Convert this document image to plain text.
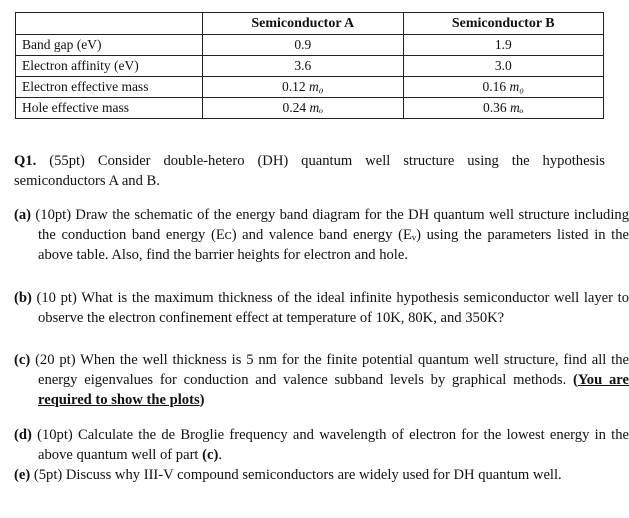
	Semiconductor A	Semiconductor B
Band gap (eV)	0.9	1.9
Electron affinity (eV)	3.6	3.0
Electron effective mass	0.12 m₀	0.16 m₀
Hole effective mass	0.24 mₒ	0.36 mₒ
Q1. (55pt) Consider double-hetero (DH) quantum well structure using the hypothesis semiconductors A and B.
(a) (10pt) Draw the schematic of the energy band diagram for the DH quantum well structure including the conduction band energy (Eᴄ) and valence band energy (Eᵥ) using the parameters listed in the above table. Also, find the barrier heights for electron and hole.
(b) (10 pt) What is the maximum thickness of the ideal infinite hypothesis semiconductor well layer to observe the electron confinement effect at temperature of 10K, 80K, and 350K?
(c) (20 pt) When the well thickness is 5 nm for the finite potential quantum well structure, find all the energy eigenvalues for conduction and valence subband levels by graphical methods. (You are required to show the plots)
(d) (10pt) Calculate the de Broglie frequency and wavelength of electron for the lowest energy in the above quantum well of part (c).
(e) (5pt) Discuss why III-V compound semiconductors are widely used for DH quantum well.
